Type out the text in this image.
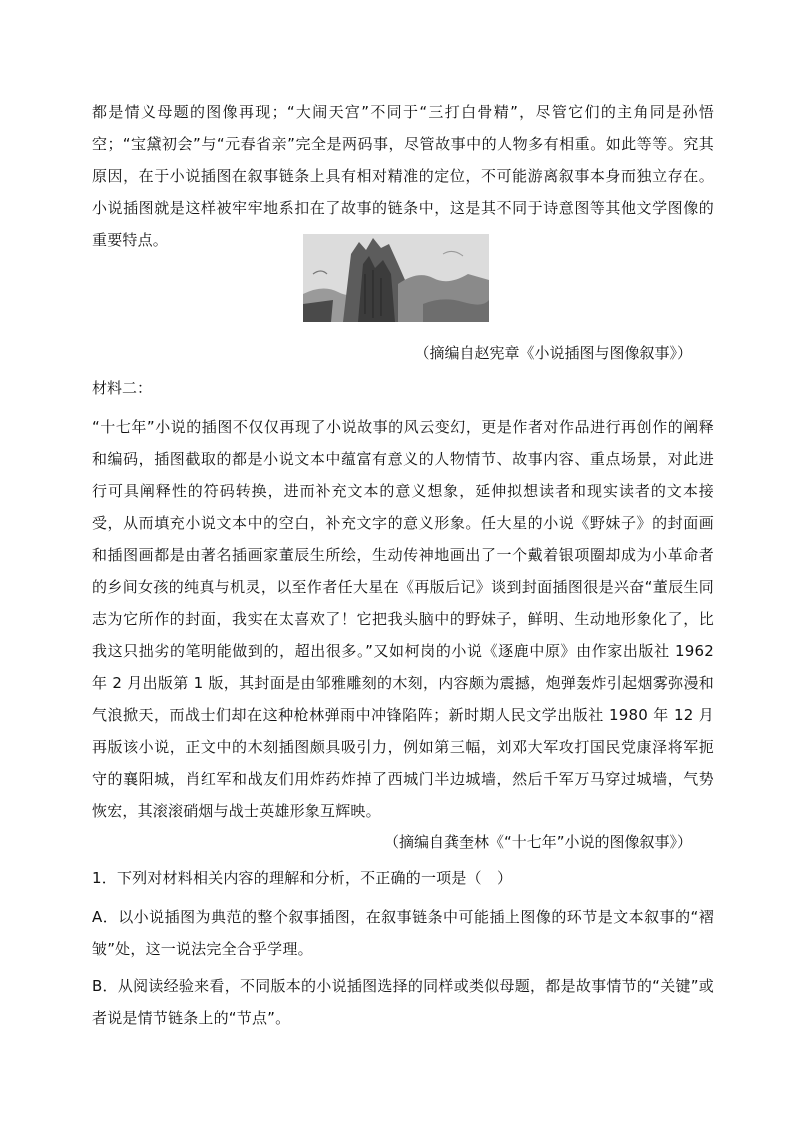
都是情义母题的图像再现；“大闹天宫”不同于“三打白骨精”，尽管它们的主角同是孙悟空；“宝黛初会”与“元春省亲”完全是两码事，尽管故事中的人物多有相重。如此等等。究其原因，在于小说插图在叙事链条上具有相对精准的定位，不可能游离叙事本身而独立存在。小说插图就是这样被牢牢地系扣在了故事的链条中，这是其不同于诗意图等其他文学图像的重要特点。

（摘编自赵宪章《小说插图与图像叙事》）

材料二：

“十七年”小说的插图不仅仅再现了小说故事的风云变幻，更是作者对作品进行再创作的阐释和编码，插图截取的都是小说文本中蕴富有意义的人物情节、故事内容、重点场景，对此进行可具阐释性的符码转换，进而补充文本的意义想象，延伸拟想读者和现实读者的文本接受，从而填充小说文本中的空白，补充文字的意义形象。任大星的小说《野妹子》的封面画和插图画都是由著名插画家董辰生所绘，生动传神地画出了一个戴着银项圈却成为小革命者的乡间女孩的纯真与机灵，以至作者任大星在《再版后记》谈到封面插图很是兴奋“董辰生同志为它所作的封面，我实在太喜欢了！它把我头脑中的野妹子，鲜明、生动地形象化了，比我这只拙劣的笔明能做到的，超出很多。”又如柯岗的小说《逐鹿中原》由作家出版社 1962 年 2 月出版第 1 版，其封面是由邹雅雕刻的木刻，内容颇为震撼，炮弹轰炸引起烟雾弥漫和气浪掀天，而战士们却在这种枪林弹雨中冲锋陷阵；新时期人民文学出版社 1980 年 12 月再版该小说，正文中的木刻插图颇具吸引力，例如第三幅，刘邓大军攻打国民党康泽将军扼守的襄阳城，肖红军和战友们用炸药炸掉了西城门半边城墙，然后千军万马穿过城墙，气势恢宏，其滚滚硝烟与战士英雄形象互辉映。

（摘编自龚奎林《“十七年”小说的图像叙事》）

1．下列对材料相关内容的理解和分析，不正确的一项是（　）

A．以小说插图为典范的整个叙事插图，在叙事链条中可能插上图像的环节是文本叙事的“褶皱”处，这一说法完全合乎学理。

B．从阅读经验来看，不同版本的小说插图选择的同样或类似母题，都是故事情节的“关键”或者说是情节链条上的“节点”。
